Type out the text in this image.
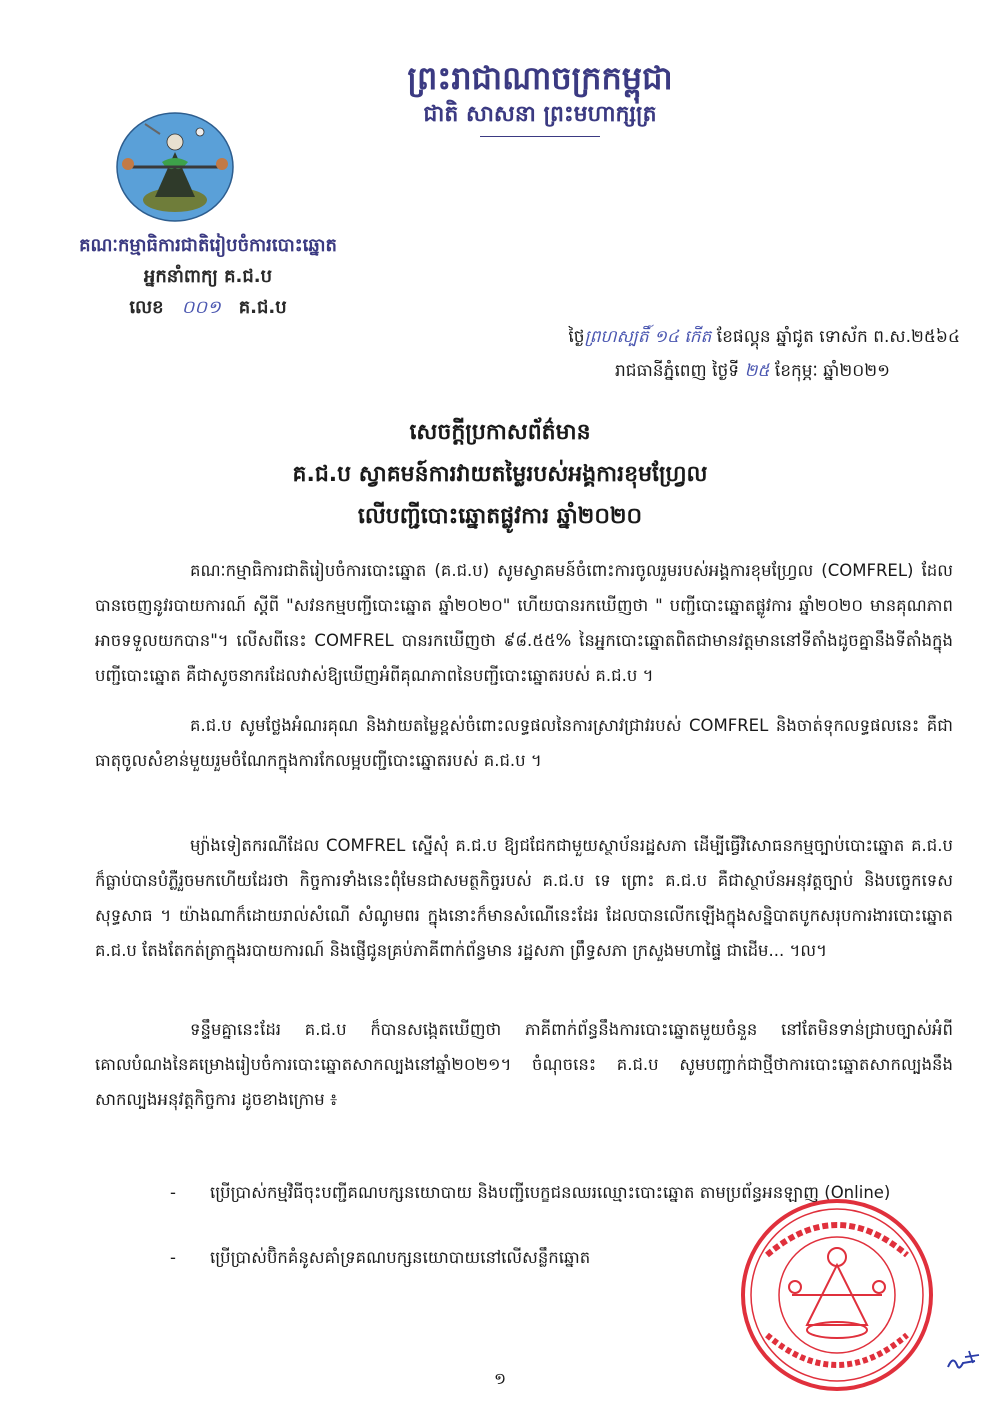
ព្រះរាជាណាចក្រកម្ពុជា
ជាតិ សាសនា ព្រះមហាក្សត្រ
គណៈកម្មាធិការជាតិរៀបចំការបោះឆ្នោត
អ្នកនាំពាក្យ គ.ជ.ប
លេខ ០០១ គ.ជ.ប
ថ្ងៃព្រហស្បតិ៍ ១៤ កើត ខែផល្គុន ឆ្នាំជូត ទោស័ក ព.ស.២៥៦៤
រាជធានីភ្នំពេញ ថ្ងៃទី ២៥ ខែកុម្ភៈ ឆ្នាំ២០២១
សេចក្តីប្រកាសព័ត៌មាន
គ.ជ.ប ស្វាគមន៍ការវាយតម្លៃរបស់អង្គការខុមហ្វ្រែល
លើបញ្ជីបោះឆ្នោតផ្លូវការ ឆ្នាំ២០២០
គណៈកម្មាធិការជាតិរៀបចំការបោះឆ្នោត (គ.ជ.ប) សូមស្វាគមន៍ចំពោះការចូលរួមរបស់អង្គការខុមហ្វ្រែល (COMFREL) ដែលបានចេញនូវរបាយការណ៍ ស្តីពី "សវនកម្មបញ្ជីបោះឆ្នោត ឆ្នាំ២០២០" ហើយបានរកឃើញថា " បញ្ជីបោះឆ្នោតផ្លូវការ ឆ្នាំ២០២០ មានគុណភាពអាចទទួលយកបាន"។ លើសពីនេះ COMFREL បានរកឃើញថា ៩៨.៥៥% នៃអ្នកបោះឆ្នោតពិតជាមានវត្តមាននៅទីតាំងដូចគ្នានឹងទីតាំងក្នុងបញ្ជីបោះឆ្នោត គឺជាសូចនាករដែលវាស់ឱ្យឃើញអំពីគុណភាពនៃបញ្ជីបោះឆ្នោតរបស់ គ.ជ.ប ។
គ.ជ.ប សូមថ្លែងអំណរគុណ និងវាយតម្លៃខ្ពស់ចំពោះលទ្ធផលនៃការស្រាវជ្រាវរបស់ COMFREL និងចាត់ទុកលទ្ធផលនេះ គឺជាធាតុចូលសំខាន់មួយរួមចំណែកក្នុងការកែលម្អបញ្ជីបោះឆ្នោតរបស់ គ.ជ.ប ។
ម្យ៉ាងទៀតករណីដែល COMFREL ស្នើសុំ គ.ជ.ប ឱ្យជជែកជាមួយស្ថាប័នរដ្ឋសភា ដើម្បីធ្វើវិសោធនកម្មច្បាប់បោះឆ្នោត គ.ជ.ប ក៏ធ្លាប់បានបំភ្លឺរួចមកហើយដែរថា កិច្ចការទាំងនេះពុំមែនជាសមត្ថកិច្ចរបស់ គ.ជ.ប ទេ ព្រោះ គ.ជ.ប គឺជាស្ថាប័នអនុវត្តច្បាប់ និងបច្ចេកទេសសុទ្ធសាធ ។ យ៉ាងណាក៏ដោយរាល់សំណើ សំណូមពរ ក្នុងនោះក៏មានសំណើនេះដែរ ដែលបានលើកឡើងក្នុងសន្និបាតបូកសរុបការងារបោះឆ្នោត គ.ជ.ប តែងតែកត់ត្រាក្នុងរបាយការណ៍ និងផ្ញើជូនគ្រប់ភាគីពាក់ព័ន្ធមាន រដ្ឋសភា ព្រឹទ្ធសភា ក្រសួងមហាផ្ទៃ ជាដើម... ។ល។
ទន្ទឹមគ្នានេះដែរ គ.ជ.ប ក៏បានសង្កេតឃើញថា ភាគីពាក់ព័ន្ធនឹងការបោះឆ្នោតមួយចំនួន នៅតែមិនទាន់ជ្រាបច្បាស់អំពីគោលបំណងនៃគម្រោងរៀបចំការបោះឆ្នោតសាកល្បងនៅឆ្នាំ២០២១។ ចំណុចនេះ គ.ជ.ប សូមបញ្ជាក់ជាថ្មីថាការបោះឆ្នោតសាកល្បងនឹងសាកល្បងអនុវត្តកិច្ចការ ដូចខាងក្រោម ៖
- ប្រើប្រាស់កម្មវិធីចុះបញ្ជីគណបក្សនយោបាយ និងបញ្ជីបេក្ខជនឈរឈ្មោះបោះឆ្នោត តាមប្រព័ន្ធអនឡាញ (Online)
- ប្រើប្រាស់ប៊ិកគំនូសគាំទ្រគណបក្សនយោបាយនៅលើសន្លឹកឆ្នោត
១
